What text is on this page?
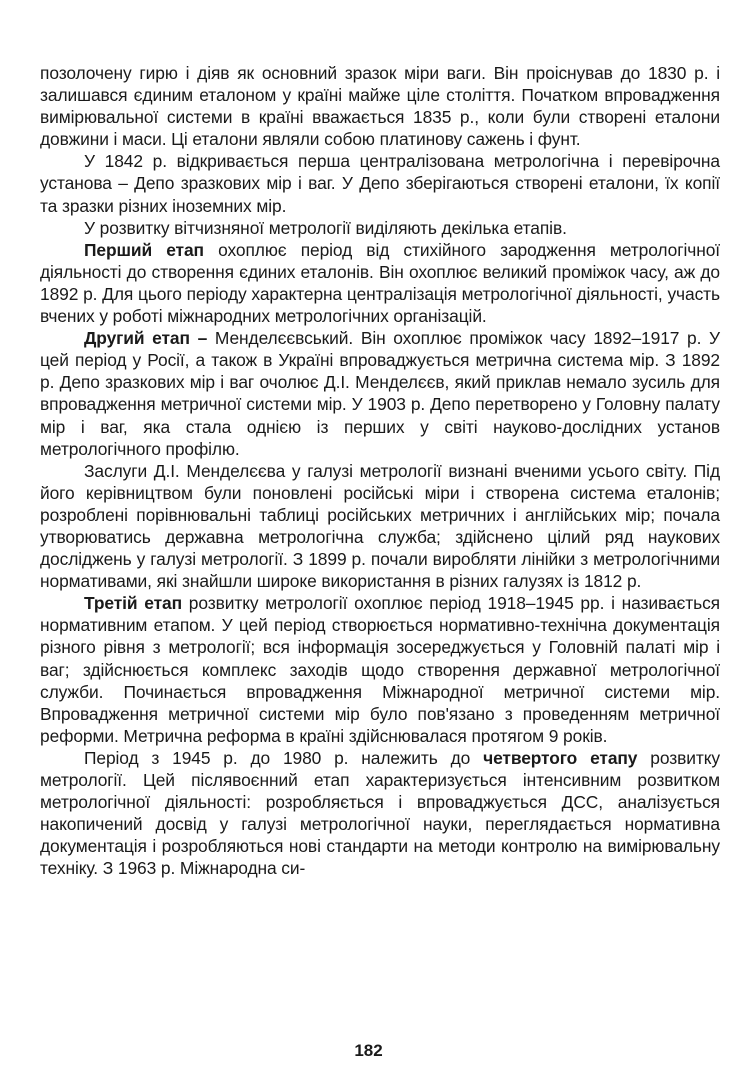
позолочену гирю і діяв як основний зразок міри ваги. Він проіснував до 1830 р. і залишався єдиним еталоном у країні майже ціле століття. Початком впровадження вимірювальної системи в країні вважається 1835 р., коли були створені еталони довжини і маси. Ці еталони являли собою платинову сажень і фунт.

У 1842 р. відкривається перша централізована метрологічна і перевірочна установа – Депо зразкових мір і ваг. У Депо зберігаються створені еталони, їх копії та зразки різних іноземних мір.

У розвитку вітчизняної метрології виділяють декілька етапів.

Перший етап охоплює період від стихійного зародження метрологічної діяльності до створення єдиних еталонів. Він охоплює великий проміжок часу, аж до 1892 р. Для цього періоду характерна централізація метрологічної діяльності, участь вчених у роботі міжнародних метрологічних організацій.

Другий етап – Менделєєвський. Він охоплює проміжок часу 1892–1917 р. У цей період у Росії, а також в Україні впроваджується метрична система мір. З 1892 р. Депо зразкових мір і ваг очолює Д.І. Менделєєв, який приклав немало зусиль для впровадження метричної системи мір. У 1903 р. Депо перетворено у Головну палату мір і ваг, яка стала однією із перших у світі науково-дослідних установ метрологічного профілю.

Заслуги Д.І. Менделєєва у галузі метрології визнані вченими усього світу. Під його керівництвом були поновлені російські міри і створена система еталонів; розроблені порівнювальні таблиці російських метричних і англійських мір; почала утворюватись державна метрологічна служба; здійснено цілий ряд наукових досліджень у галузі метрології. З 1899 р. почали виробляти лінійки з метрологічними нормативами, які знайшли широке використання в різних галузях із 1812 р.

Третій етап розвитку метрології охоплює період 1918–1945 рр. і називається нормативним етапом. У цей період створюється нормативно-технічна документація різного рівня з метрології; вся інформація зосереджується у Головній палаті мір і ваг; здійснюється комплекс заходів щодо створення державної метрологічної служби. Починається впровадження Міжнародної метричної системи мір. Впровадження метричної системи мір було пов'язано з проведенням метричної реформи. Метрична реформа в країні здійснювалася протягом 9 років.

Період з 1945 р. до 1980 р. належить до четвертого етапу розвитку метрології. Цей післявоєнний етап характеризується інтенсивним розвитком метрологічної діяльності: розробляється і впроваджується ДСС, аналізується накопичений досвід у галузі метрологічної науки, переглядається нормативна документація і розробляються нові стандарти на методи контролю на вимірювальну техніку. З 1963 р. Міжнародна си-

182
